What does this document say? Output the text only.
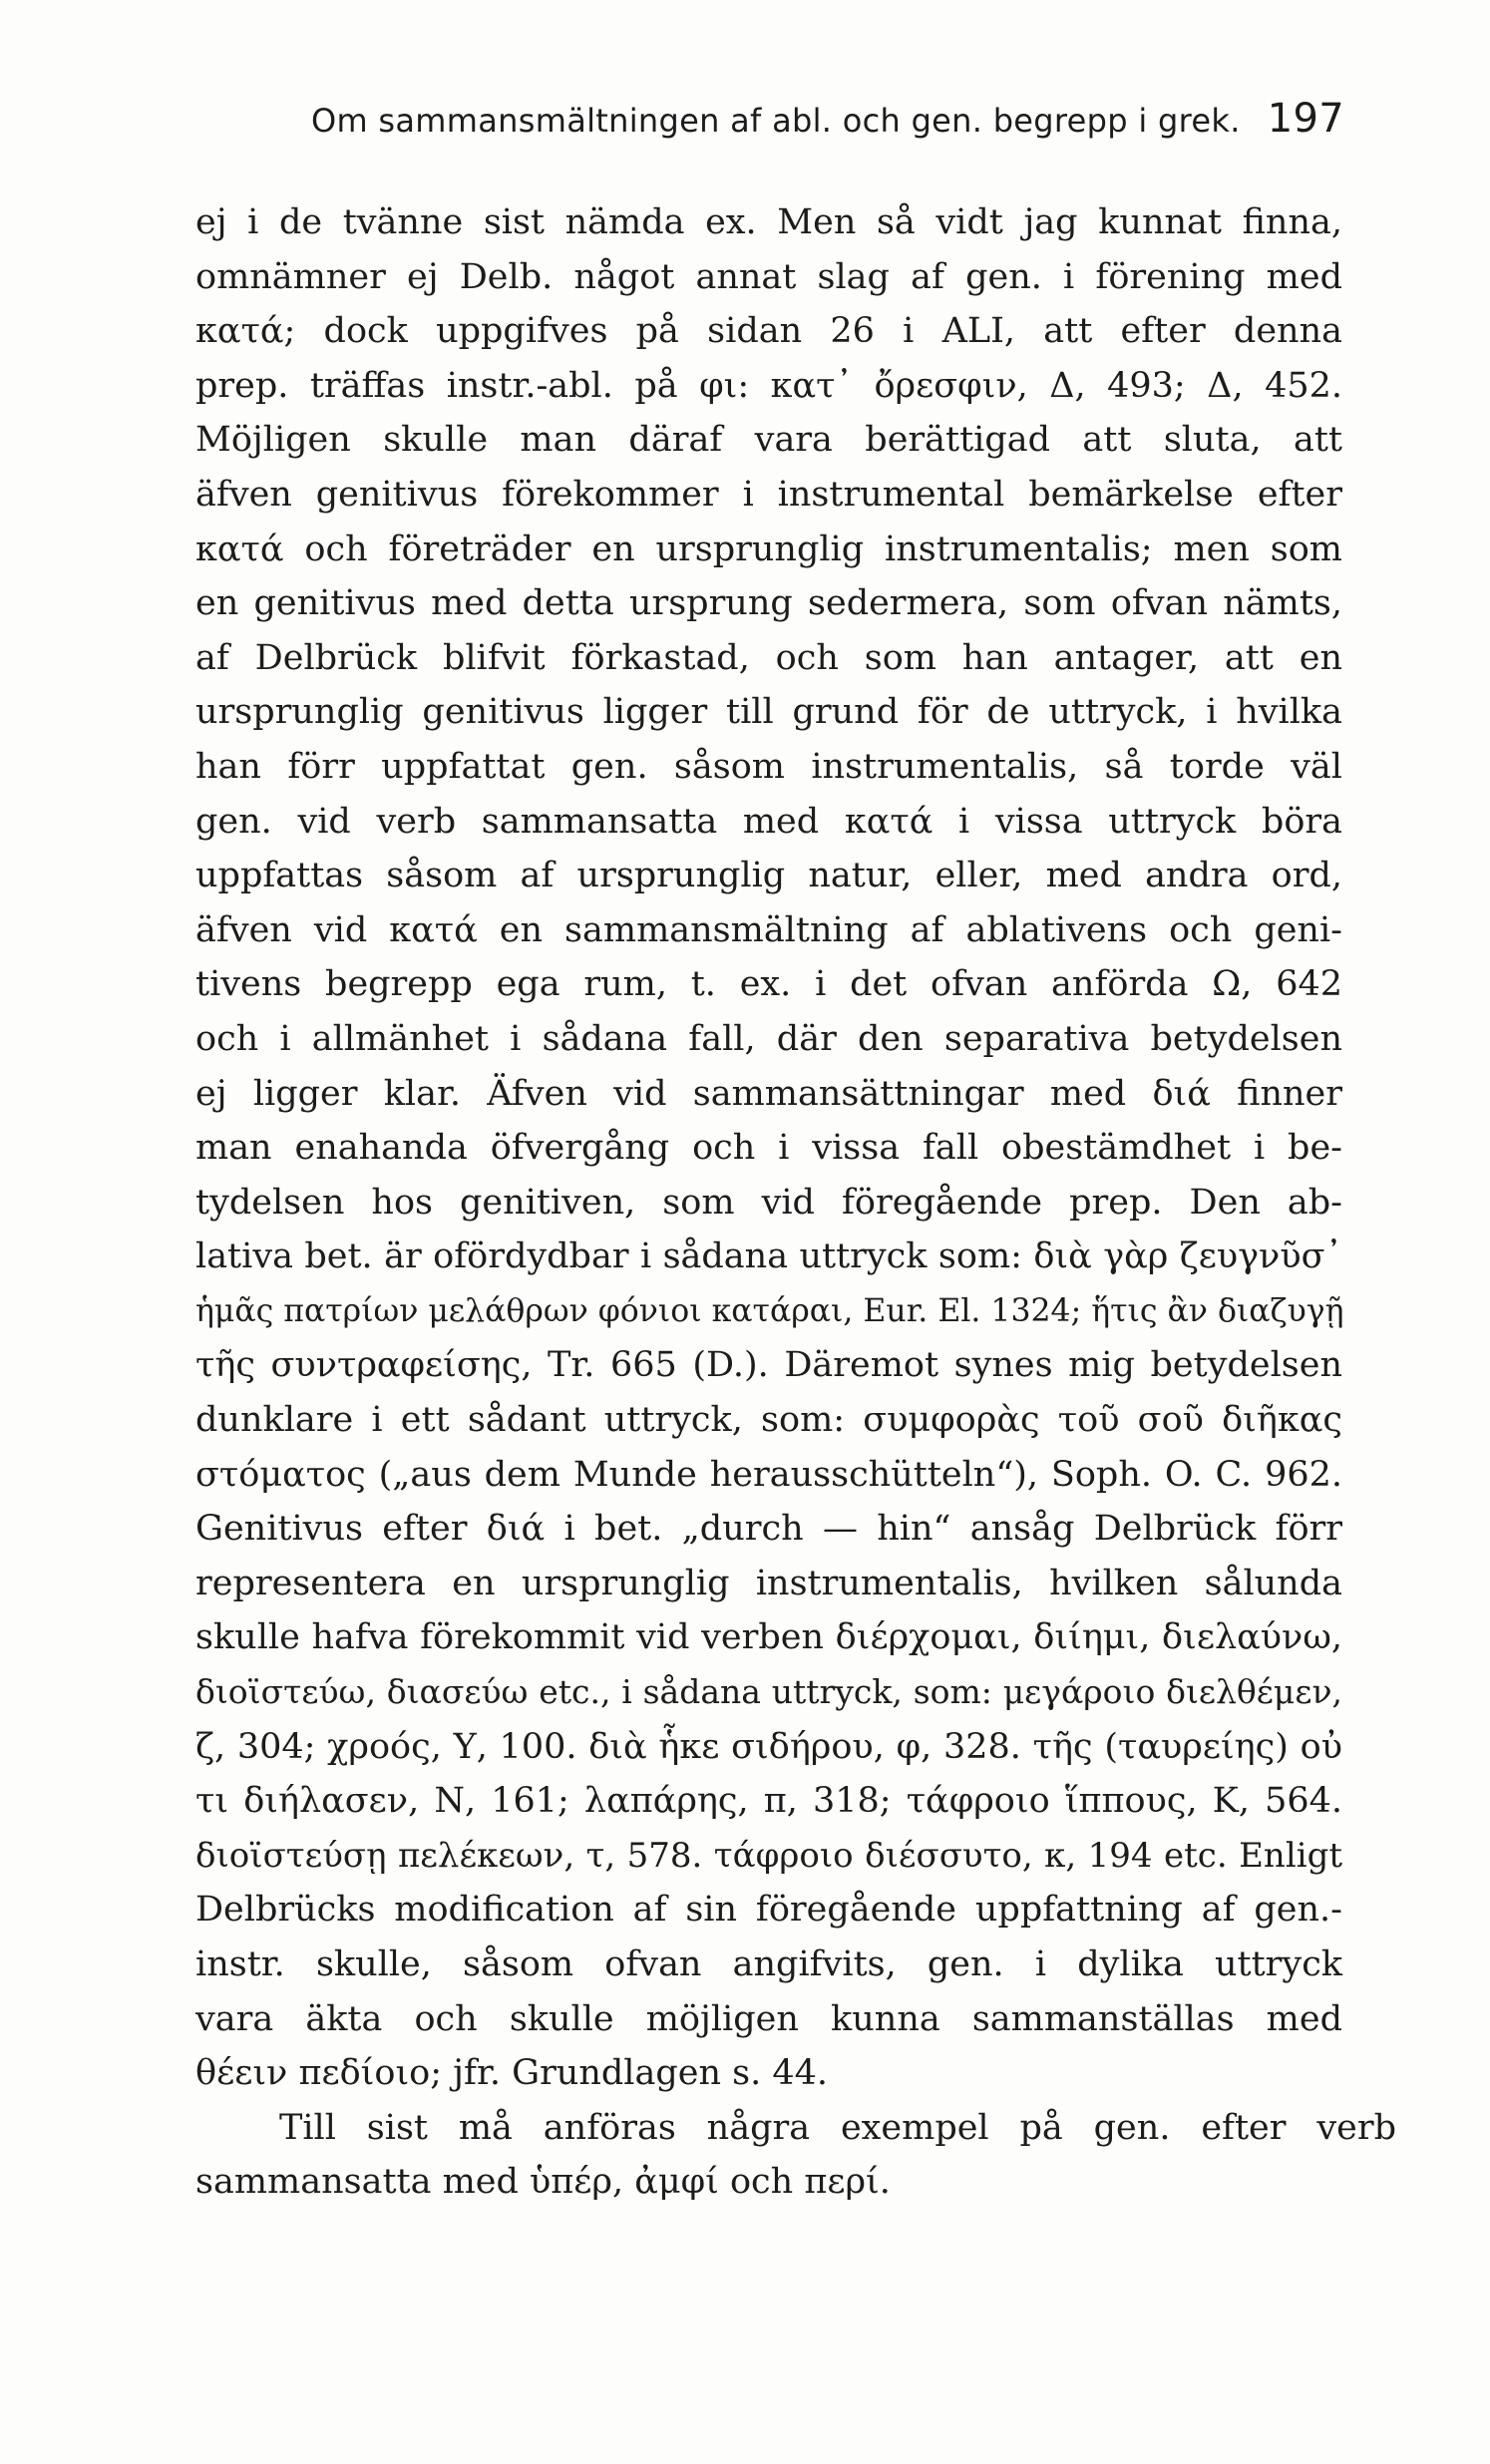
Om sammansmältningen af abl. och gen. begrepp i grek. 197
ej i de tvänne sist nämda ex. Men så vidt jag kunnat finna,
omnämner ej Delb. något annat slag af gen. i förening med
κατά; dock uppgifves på sidan 26 i ALI, att efter denna
prep. träffas instr.-abl. på φι: κατ᾽ ὄρεσφιν, Δ, 493; Δ, 452.
Möjligen skulle man däraf vara berättigad att sluta, att
äfven genitivus förekommer i instrumental bemärkelse efter
κατά och företräder en ursprunglig instrumentalis; men som
en genitivus med detta ursprung sedermera, som ofvan nämts,
af Delbrück blifvit förkastad, och som han antager, att en
ursprunglig genitivus ligger till grund för de uttryck, i hvilka
han förr uppfattat gen. såsom instrumentalis, så torde väl
gen. vid verb sammansatta med κατά i vissa uttryck böra
uppfattas såsom af ursprunglig natur, eller, med andra ord,
äfven vid κατά en sammansmältning af ablativens och geni-
tivens begrepp ega rum, t. ex. i det ofvan anförda Ω, 642
och i allmänhet i sådana fall, där den separativa betydelsen
ej ligger klar. Äfven vid sammansättningar med διά finner
man enahanda öfvergång och i vissa fall obestämdhet i be-
tydelsen hos genitiven, som vid föregående prep. Den ab-
lativa bet. är ofördydbar i sådana uttryck som: διὰ γὰρ ζευγνῦσ᾽
ἡμᾶς πατρίων μελάθρων φόνιοι κατάραι, Eur. El. 1324; ἥτις ἂν διαζυγῇ
τῆς συντραφείσης, Tr. 665 (D.). Däremot synes mig betydelsen
dunklare i ett sådant uttryck, som: συμφορὰς τοῦ σοῦ διῆκας
στόματος („aus dem Munde herausschütteln“), Soph. O. C. 962.
Genitivus efter διά i bet. „durch — hin“ ansåg Delbrück förr
representera en ursprunglig instrumentalis, hvilken sålunda
skulle hafva förekommit vid verben διέρχομαι, διίημι, διελαύνω,
διοϊστεύω, διασεύω etc., i sådana uttryck, som: μεγάροιο διελθέμεν,
ζ, 304; χροός, Υ, 100. διὰ ἧκε σιδήρου, φ, 328. τῆς (ταυρείης) οὐ
τι διήλασεν, Ν, 161; λαπάρης, π, 318; τάφροιο ἵππους, Κ, 564.
διοϊστεύσῃ πελέκεων, τ, 578. τάφροιο διέσσυτο, κ, 194 etc. Enligt
Delbrücks modification af sin föregående uppfattning af gen.-
instr. skulle, såsom ofvan angifvits, gen. i dylika uttryck
vara äkta och skulle möjligen kunna sammanställas med
θέειν πεδίοιο; jfr. Grundlagen s. 44.
Till sist må anföras några exempel på gen. efter verb
sammansatta med ὑπέρ, ἀμφί och περί.
